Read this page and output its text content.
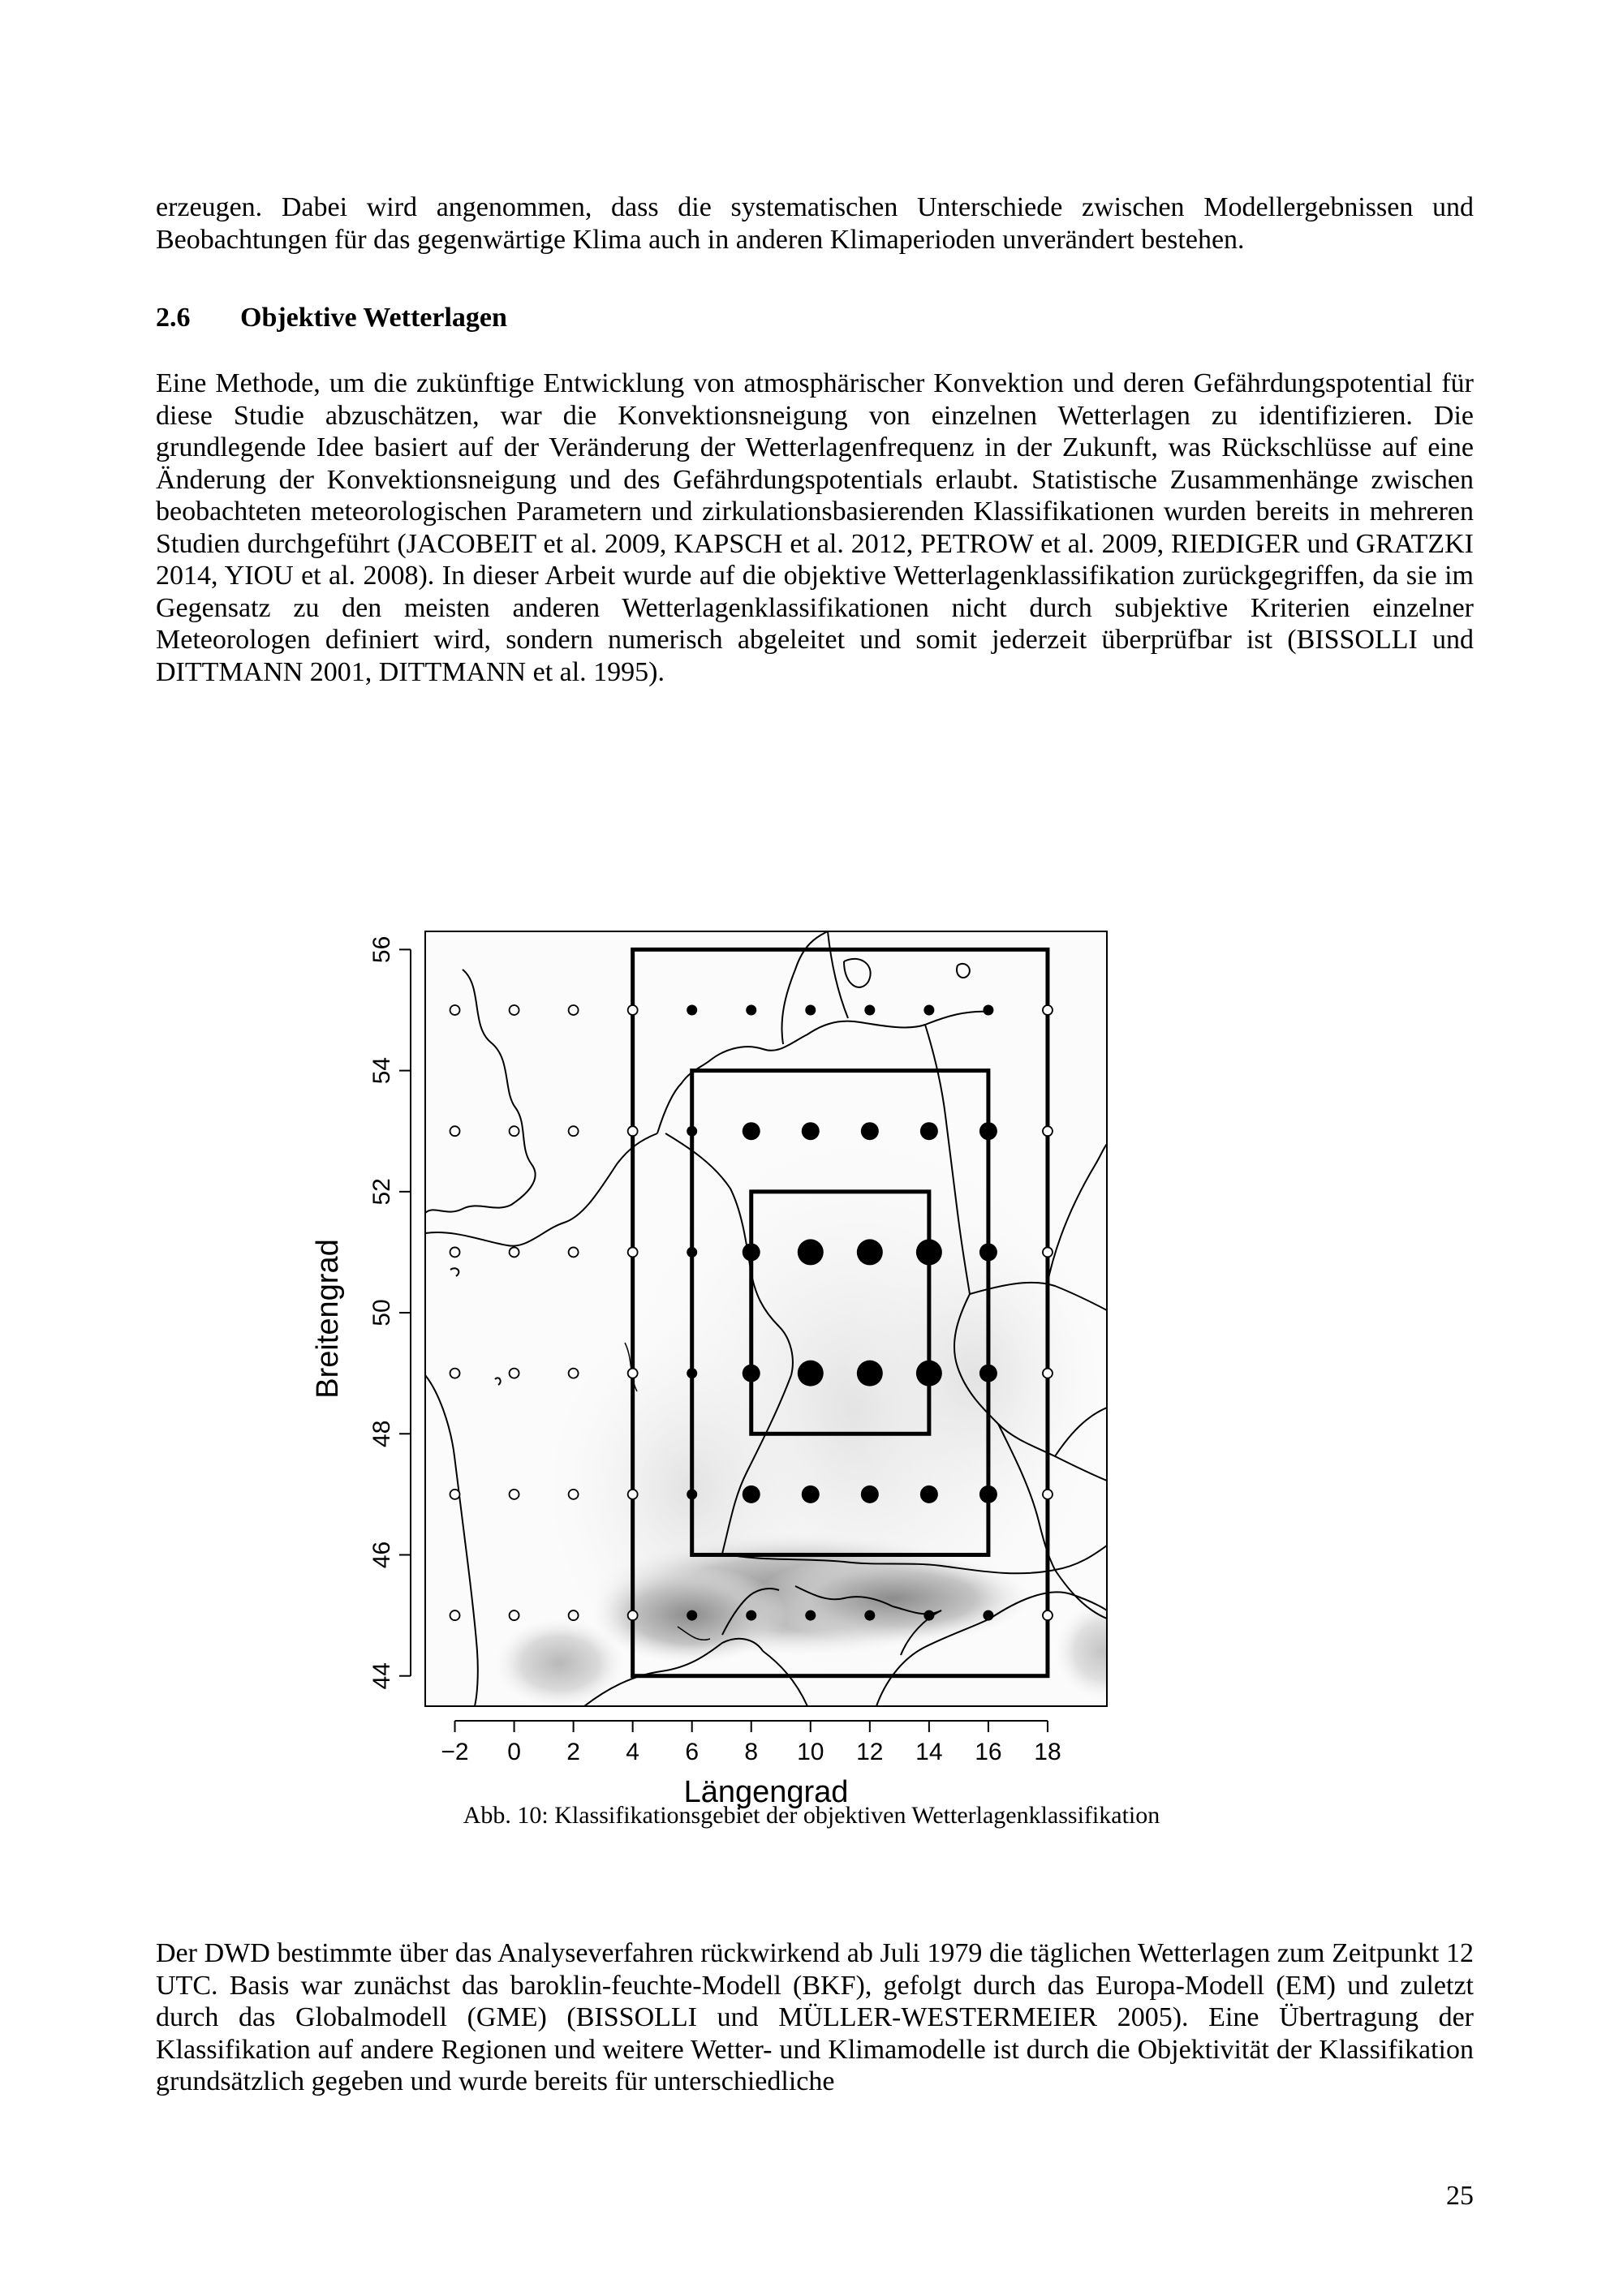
erzeugen. Dabei wird angenommen, dass die systematischen Unterschiede zwischen Modellergebnissen und Beobachtungen für das gegenwärtige Klima auch in anderen Klimaperioden unverändert bestehen.

2.6 Objektive Wetterlagen

Eine Methode, um die zukünftige Entwicklung von atmosphärischer Konvektion und deren Gefährdungspotential für diese Studie abzuschätzen, war die Konvektionsneigung von einzelnen Wetterlagen zu identifizieren. Die grundlegende Idee basiert auf der Veränderung der Wetterlagenfrequenz in der Zukunft, was Rückschlüsse auf eine Änderung der Konvektionsneigung und des Gefährdungspotentials erlaubt. Statistische Zusammenhänge zwischen beobachteten meteorologischen Parametern und zirkulationsbasierenden Klassifikationen wurden bereits in mehreren Studien durchgeführt (JACOBEIT et al. 2009, KAPSCH et al. 2012, PETROW et al. 2009, RIEDIGER und GRATZKI 2014, YIOU et al. 2008). In dieser Arbeit wurde auf die objektive Wetterlagenklassifikation zurückgegriffen, da sie im Gegensatz zu den meisten anderen Wetterlagenklassifikationen nicht durch subjektive Kriterien einzelner Meteorologen definiert wird, sondern numerisch abgeleitet und somit jederzeit überprüfbar ist (BISSOLLI und DITTMANN 2001, DITTMANN et al. 1995).

−2 0 2 4 6 8 10 12 14 16 18
Längengrad
44
46
48
50
52
54
56
Breitengrad
Abb. 10: Klassifikationsgebiet der objektiven Wetterlagenklassifikation

Der DWD bestimmte über das Analyseverfahren rückwirkend ab Juli 1979 die täglichen Wetterlagen zum Zeitpunkt 12 UTC. Basis war zunächst das baroklin-feuchte-Modell (BKF), gefolgt durch das Europa-Modell (EM) und zuletzt durch das Globalmodell (GME) (BISSOLLI und MÜLLER-WESTERMEIER 2005). Eine Übertragung der Klassifikation auf andere Regionen und weitere Wetter- und Klimamodelle ist durch die Objektivität der Klassifikation grundsätzlich gegeben und wurde bereits für unterschiedliche

25
